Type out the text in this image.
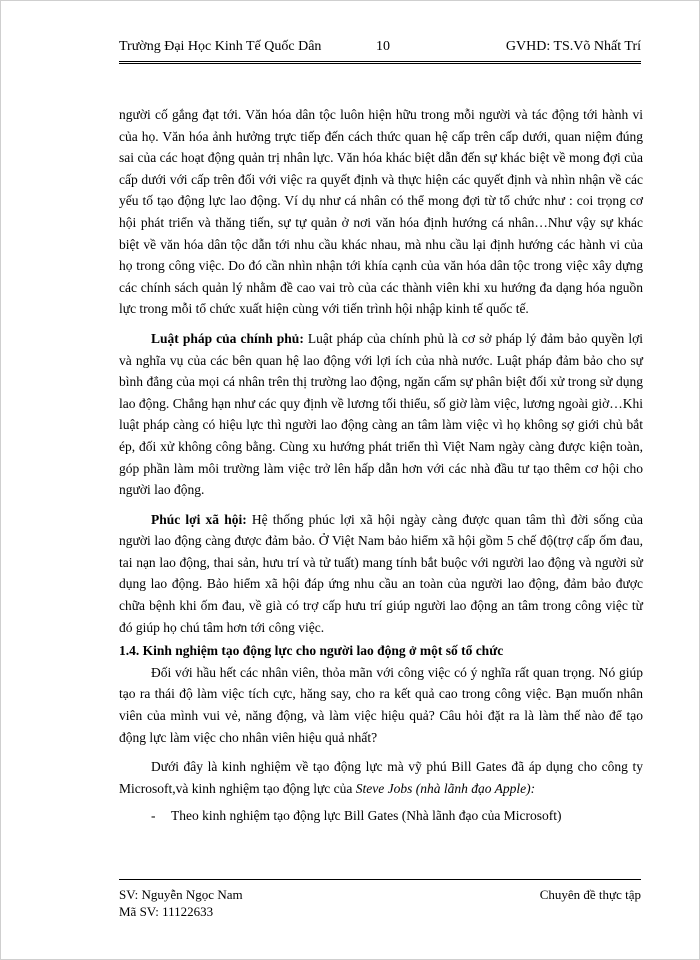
Trường Đại Học Kinh Tế Quốc Dân	10	GVHD: TS.Võ Nhất Trí

người cố gắng đạt tới. Văn hóa dân tộc luôn hiện hữu trong mỗi người và tác động tới hành vi của họ. Văn hóa ảnh hưởng trực tiếp đến cách thức quan hệ cấp trên cấp dưới, quan niệm đúng sai của các hoạt động quản trị nhân lực. Văn hóa khác biệt dẫn đến sự khác biệt về mong đợi của cấp dưới với cấp trên đối với việc ra quyết định và thực hiện các quyết định và nhìn nhận về các yếu tố tạo động lực lao động. Ví dụ như cá nhân có thể mong đợi từ tổ chức như : coi trọng cơ hội phát triển và thăng tiến, sự tự quản ở nơi văn hóa định hướng cá nhân…Như vậy sự khác biệt về văn hóa dân tộc dẫn tới nhu cầu khác nhau, mà nhu cầu lại định hướng các hành vi của họ trong công việc. Do đó cần nhìn nhận tới khía cạnh của văn hóa dân tộc trong việc xây dựng các chính sách quản lý nhằm đề cao vai trò của các thành viên khi xu hướng đa dạng hóa nguồn lực trong mỗi tổ chức xuất hiện cùng với tiến trình hội nhập kinh tế quốc tế.

Luật pháp của chính phủ: Luật pháp của chính phủ là cơ sở pháp lý đảm bảo quyền lợi và nghĩa vụ của các bên quan hệ lao động với lợi ích của nhà nước. Luật pháp đảm bảo cho sự bình đẳng của mọi cá nhân trên thị trường lao động, ngăn cấm sự phân biệt đối xử trong sử dụng lao động. Chẳng hạn như các quy định về lương tối thiểu, số giờ làm việc, lương ngoài giờ…Khi luật pháp càng có hiệu lực thì người lao động càng an tâm làm việc vì họ không sợ giới chủ bắt ép, đối xử không công bằng. Cùng xu hướng phát triển thì Việt Nam ngày càng được kiện toàn, góp phần làm môi trường làm việc trở lên hấp dẫn hơn với các nhà đầu tư tạo thêm cơ hội cho người lao động.

Phúc lợi xã hội: Hệ thống phúc lợi xã hội ngày càng được quan tâm thì đời sống của người lao động càng được đảm bảo. Ở Việt Nam bảo hiểm xã hội gồm 5 chế độ(trợ cấp ốm đau, tai nạn lao động, thai sản, hưu trí và tử tuất) mang tính bắt buộc với người lao động và người sử dụng lao động. Bảo hiểm xã hội đáp ứng nhu cầu an toàn của người lao động, đảm bảo được chữa bệnh khi ốm đau, về già có trợ cấp hưu trí giúp người lao động an tâm trong công việc từ đó giúp họ chú tâm hơn tới công việc.

1.4. Kinh nghiệm tạo động lực cho người lao động ở một số tổ chức

Đối với hầu hết các nhân viên, thỏa mãn với công việc có ý nghĩa rất quan trọng. Nó giúp tạo ra thái độ làm việc tích cực, hăng say, cho ra kết quả cao trong công việc. Bạn muốn nhân viên của mình vui vẻ, năng động, và làm việc hiệu quả? Câu hỏi đặt ra là làm thế nào để tạo động lực làm việc cho nhân viên hiệu quả nhất?

Dưới đây là kinh nghiệm về tạo động lực mà vỹ phú Bill Gates đã áp dụng cho công ty Microsoft,và kinh nghiệm tạo động lực của Steve Jobs (nhà lãnh đạo Apple):

- Theo kinh nghiệm tạo động lực Bill Gates (Nhà lãnh đạo của Microsoft)

SV: Nguyễn Ngọc Nam
Mã SV: 11122633
Chuyên đề thực tập
